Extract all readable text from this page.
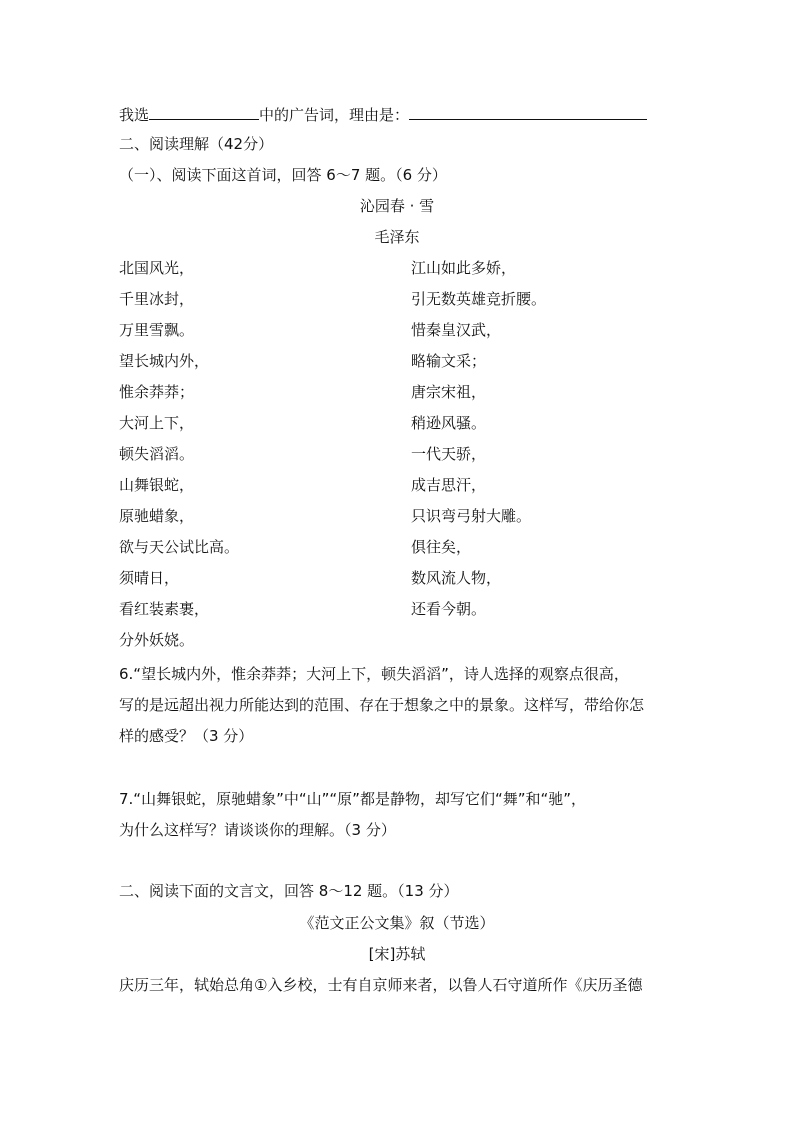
我选	中的广告词，理由是：
二、阅读理解（42分）
（一）、阅读下面这首词，回答 6～7 题。（6 分）
沁园春 · 雪
毛泽东
北国风光，
千里冰封，
万里雪飘。
望长城内外，
惟余莽莽；
大河上下，
顿失滔滔。
山舞银蛇，
原驰蜡象，
欲与天公试比高。
须晴日，
看红装素裹，
分外妖娆。
江山如此多娇，
引无数英雄竞折腰。
惜秦皇汉武，
略输文采；
唐宗宋祖，
稍逊风骚。
一代天骄，
成吉思汗，
只识弯弓射大雕。
俱往矣，
数风流人物，
还看今朝。
6.“望长城内外，惟余莽莽；大河上下，顿失滔滔”，诗人选择的观察点很高，
写的是远超出视力所能达到的范围、存在于想象之中的景象。这样写，带给你怎
样的感受？（3 分）
7.“山舞银蛇，原驰蜡象”中“山”“原”都是静物，却写它们“舞”和“驰”，
为什么这样写？请谈谈你的理解。（3 分）
二、阅读下面的文言文，回答 8～12 题。（13 分）
《范文正公文集》叙（节选）
[宋]苏轼
庆历三年，轼始总角①入乡校，士有自京师来者，以鲁人石守道所作《庆历圣德
